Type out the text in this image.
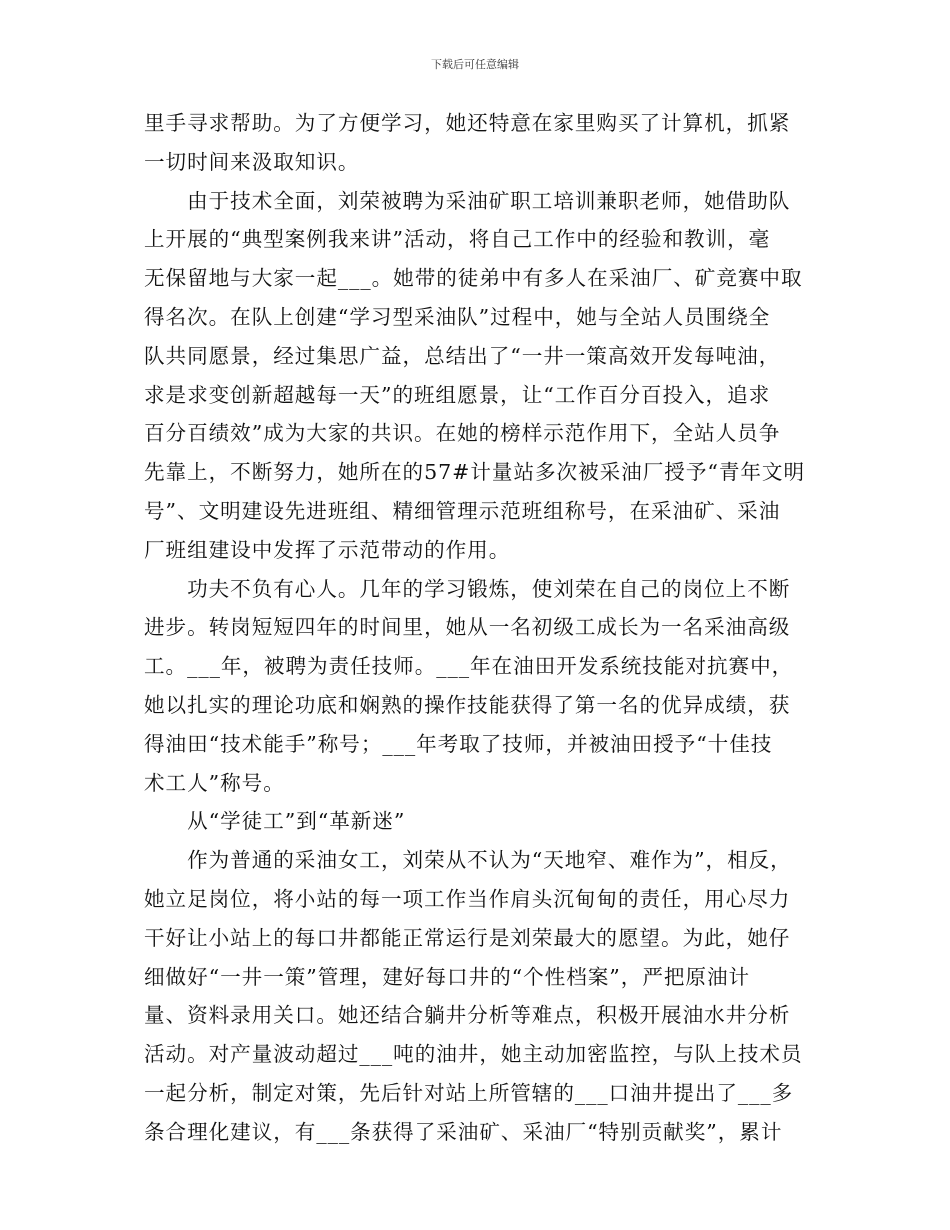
下载后可任意编辑
里手寻求帮助。为了方便学习，她还特意在家里购买了计算机，抓紧
一切时间来汲取知识。
　　由于技术全面，刘荣被聘为采油矿职工培训兼职老师，她借助队
上开展的“典型案例我来讲”活动，将自己工作中的经验和教训，毫
无保留地与大家一起___。她带的徒弟中有多人在采油厂、矿竞赛中取
得名次。在队上创建“学习型采油队”过程中，她与全站人员围绕全
队共同愿景，经过集思广益，总结出了“一井一策高效开发每吨油，
求是求变创新超越每一天”的班组愿景，让“工作百分百投入，追求
百分百绩效”成为大家的共识。在她的榜样示范作用下，全站人员争
先靠上，不断努力，她所在的57#计量站多次被采油厂授予“青年文明
号”、文明建设先进班组、精细管理示范班组称号，在采油矿、采油
厂班组建设中发挥了示范带动的作用。
　　功夫不负有心人。几年的学习锻炼，使刘荣在自己的岗位上不断
进步。转岗短短四年的时间里，她从一名初级工成长为一名采油高级
工。___年，被聘为责任技师。___年在油田开发系统技能对抗赛中，
她以扎实的理论功底和娴熟的操作技能获得了第一名的优异成绩，获
得油田“技术能手”称号；___年考取了技师，并被油田授予“十佳技
术工人”称号。
　　从“学徒工”到“革新迷”
　　作为普通的采油女工，刘荣从不认为“天地窄、难作为”，相反，
她立足岗位，将小站的每一项工作当作肩头沉甸甸的责任，用心尽力
干好让小站上的每口井都能正常运行是刘荣最大的愿望。为此，她仔
细做好“一井一策”管理，建好每口井的“个性档案”，严把原油计
量、资料录用关口。她还结合躺井分析等难点，积极开展油水井分析
活动。对产量波动超过___吨的油井，她主动加密监控，与队上技术员
一起分析，制定对策，先后针对站上所管辖的___口油井提出了___多
条合理化建议，有___条获得了采油矿、采油厂“特别贡献奖”，累计
